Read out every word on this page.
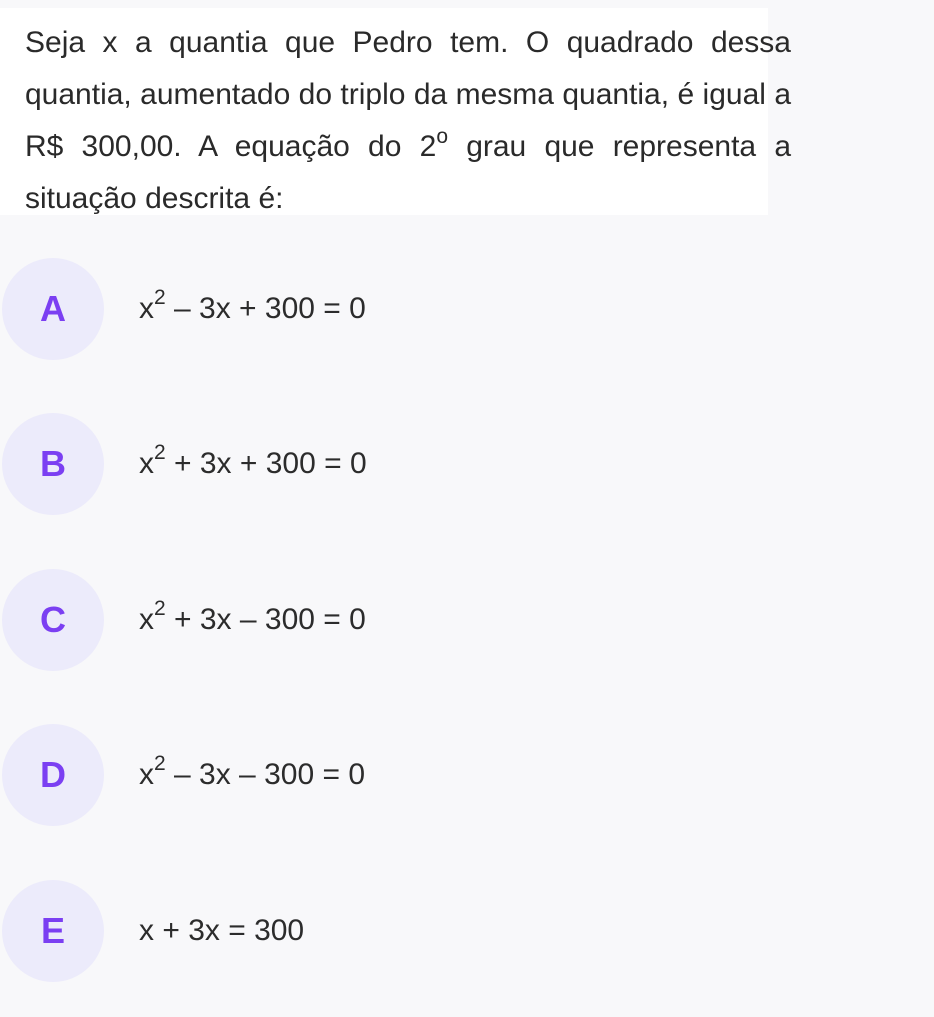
Seja x a quantia que Pedro tem. O quadrado dessa quantia, aumentado do triplo da mesma quantia, é igual a R$ 300,00. A equação do 2$^o$ grau que representa a situação descrita é:

A $x^2 - 3x + 300 = 0$
B $x^2 + 3x + 300 = 0$
C $x^2 + 3x - 300 = 0$
D $x^2 - 3x - 300 = 0$
E x + 3x = 300
